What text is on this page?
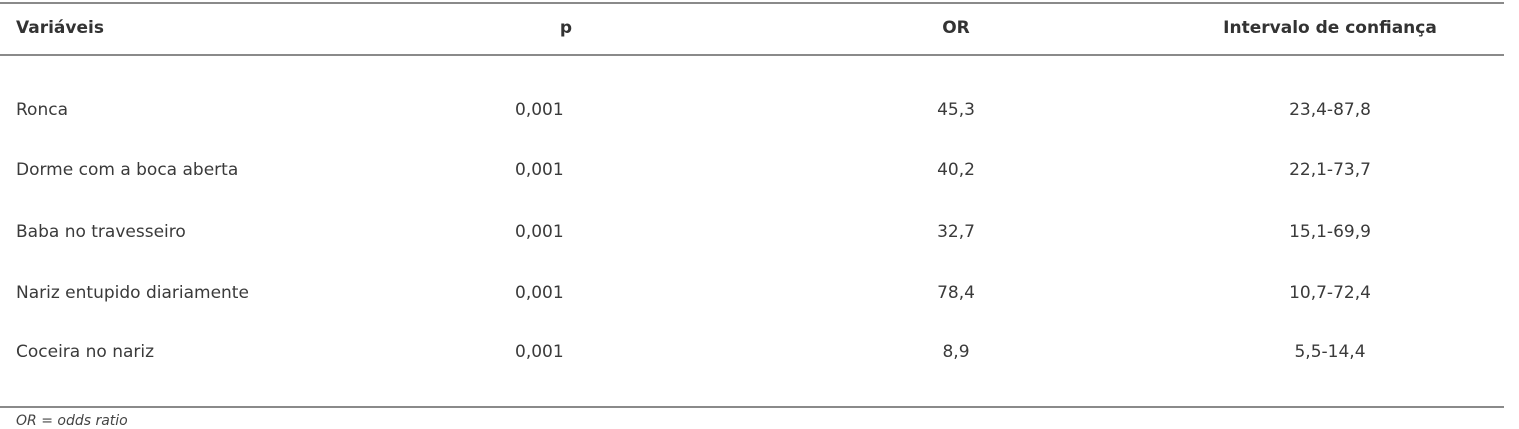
Variáveis	p	OR	Intervalo de confiança
Ronca	0,001	45,3	23,4-87,8
Dorme com a boca aberta	0,001	40,2	22,1-73,7
Baba no travesseiro	0,001	32,7	15,1-69,9
Nariz entupido diariamente	0,001	78,4	10,7-72,4
Coceira no nariz	0,001	8,9	5,5-14,4
OR = odds ratio
